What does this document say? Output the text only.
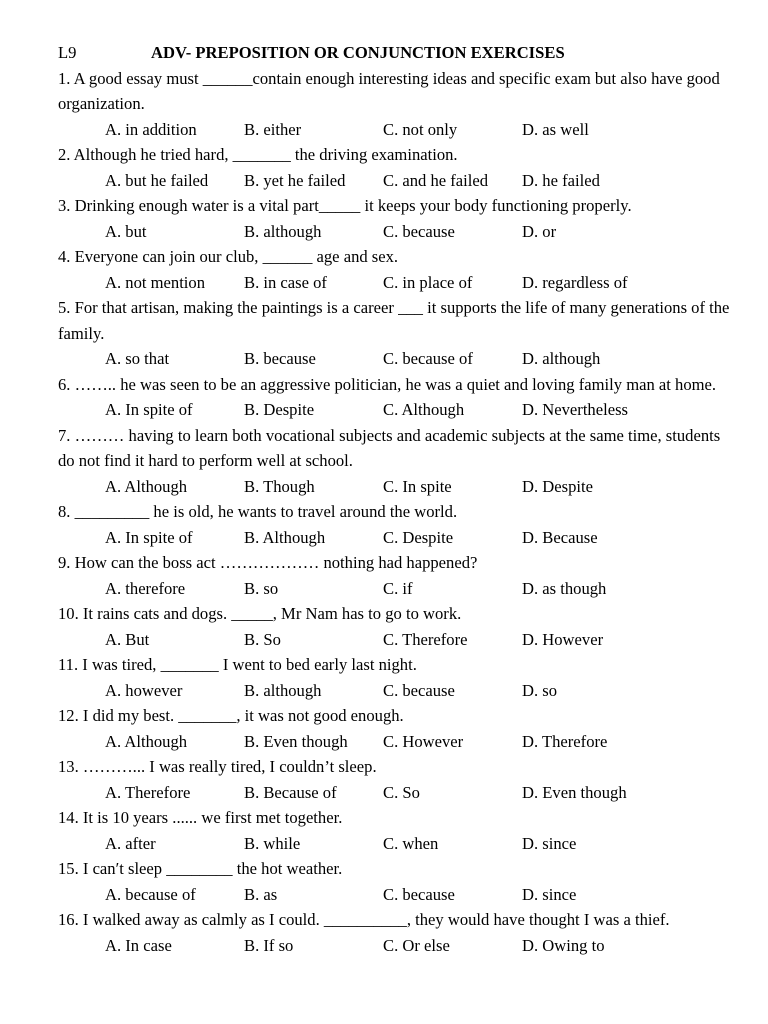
L9	ADV- PREPOSITION OR CONJUNCTION EXERCISES
1. A good essay must ______contain enough interesting ideas and specific exam but also have good organization.
A. in addition	B. either	C. not only	D. as well
2. Although he tried hard, _______ the driving examination.
A. but he failed B. yet he failed C. and he failed D. he failed
3. Drinking enough water is a vital part_____ it keeps your body functioning properly.
A. but	B. although	C. because	D. or
4. Everyone can join our club, ______ age and sex.
A. not mention B. in case of	C. in place of	D. regardless of
5. For that artisan, making the paintings is a career ___ it supports the life of many generations of the family.
A. so that	B. because	C. because of	D. although
6. …….. he was seen to be an aggressive politician, he was a quiet and loving family man at home.
A. In spite of	B. Despite	C. Although	D. Nevertheless
7. ……… having to learn both vocational subjects and academic subjects at the same time, students do not find it hard to perform well at school.
A. Although	B. Though	C. In spite	D. Despite
8. _________ he is old, he wants to travel around the world.
A. In spite of	B. Although	C. Despite	D. Because
9. How can the boss act ……………… nothing had happened?
A. therefore	B. so	C. if	D. as though
10. It rains cats and dogs. _____, Mr Nam has to go to work.
A. But	B. So	C. Therefore	D. However
11. I was tired, _______ I went to bed early last night.
A. however	B. although	C. because	D. so
12. I did my best. _______, it was not good enough.
A. Although	B. Even though C. However	D. Therefore
13. ………... I was really tired, I couldn’t sleep.
A. Therefore	B. Because of	C. So	D. Even though
14. It is 10 years ...... we first met together.
A. after	B. while	C. when	D. since
15. I can′t sleep ________ the hot weather.
A. because of	B. as	C. because	D. since
16. I walked away as calmly as I could. __________, they would have thought I was a thief.
A. In case	B. If so	C. Or else	D. Owing to
